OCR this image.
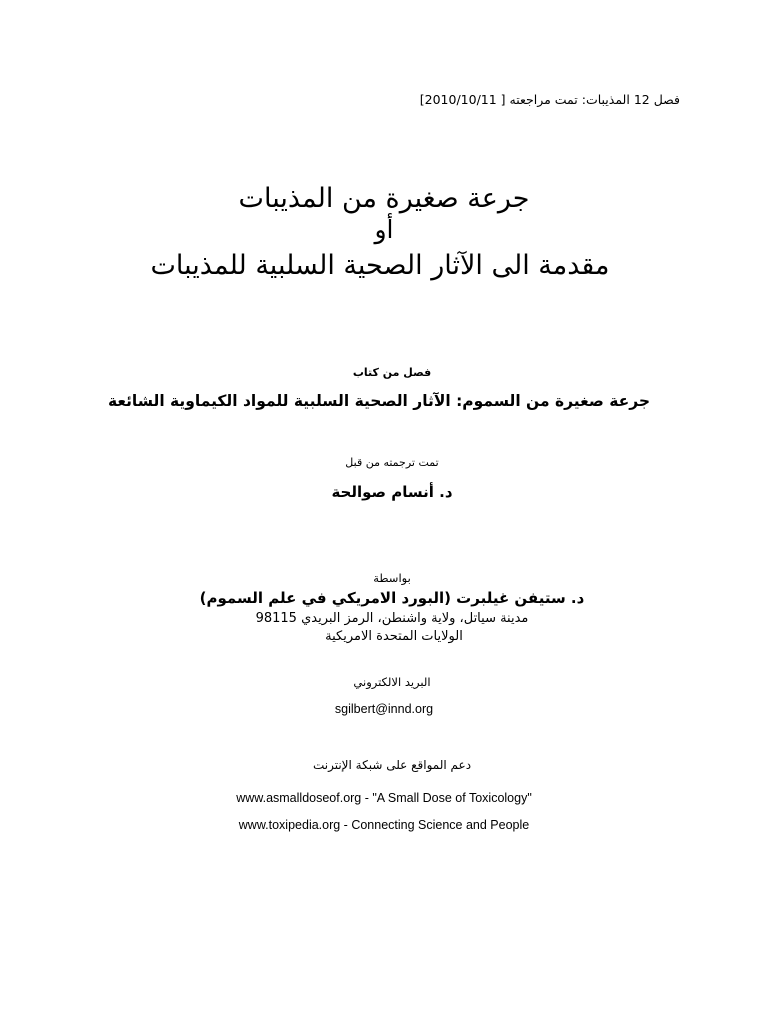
فصل 12 المذيبات: تمت مراجعته [ 2010/10/11]
جرعة صغيرة من المذيبات
أو
مقدمة الى الآثار الصحية السلبية للمذيبات
فصل من كتاب
جرعة صغيرة من السموم: الآثار الصحية السلبية للمواد الكيماوية الشائعة
تمت ترجمته من قبل
د. أنسام صوالحة
بواسطة
د. ستيفن غيلبرت (البورد الامريكي في علم السموم)
مدينة سياتل، ولاية واشنطن، الرمز البريدي 98115
الولايات المتحدة الامريكية
البريد الالكتروني
sgilbert@innd.org
دعم المواقع على شبكة الإنترنت
www.asmalldoseof.org - "A Small Dose of Toxicology"
www.toxipedia.org - Connecting Science and People
